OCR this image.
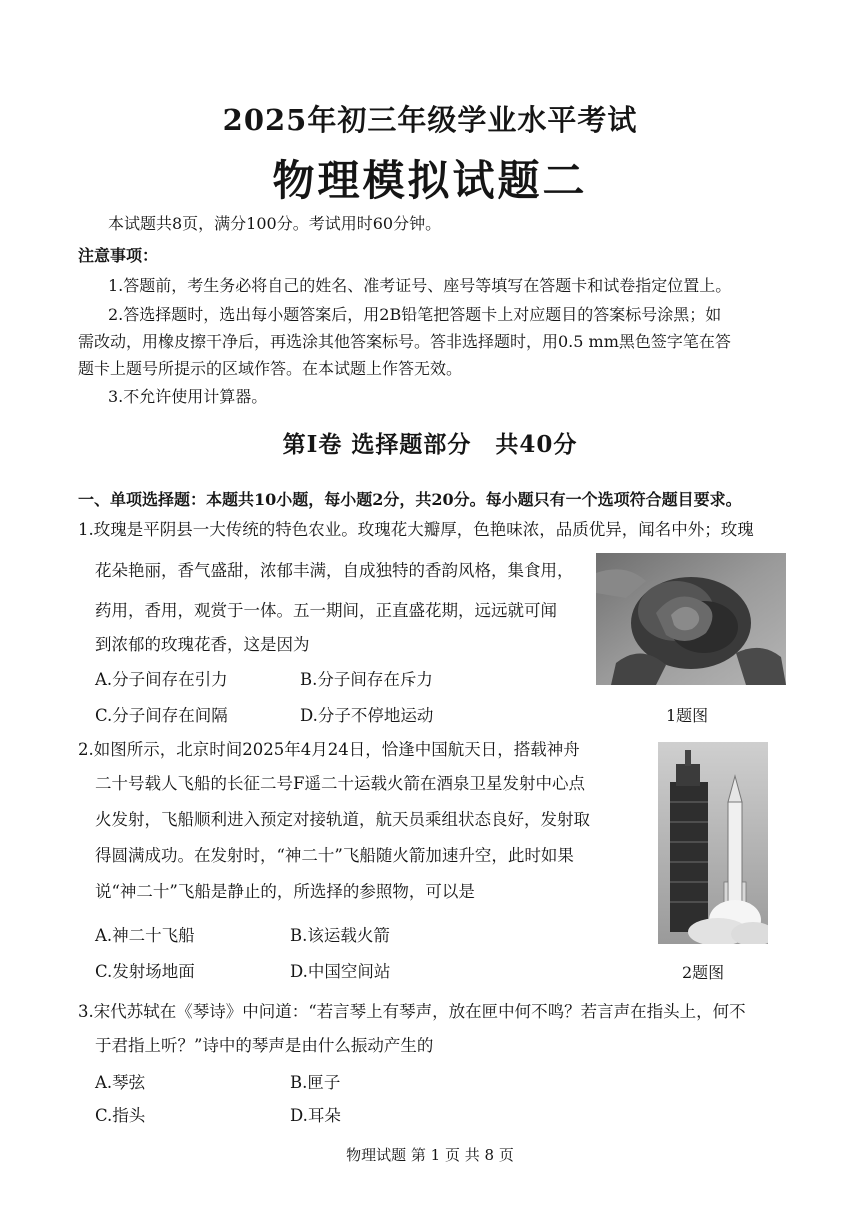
2025年初三年级学业水平考试
物理模拟试题二

本试题共8页，满分100分。考试用时60分钟。

注意事项：

1.答题前，考生务必将自己的姓名、准考证号、座号等填写在答题卡和试卷指定位置上。

2.答选择题时，选出每小题答案后，用2B铅笔把答题卡上对应题目的答案标号涂黑；如

需改动，用橡皮擦干净后，再选涂其他答案标号。答非选择题时，用0.5 mm黑色签字笔在答

题卡上题号所提示的区域作答。在本试题上作答无效。

3.不允许使用计算器。

第Ⅰ卷 选择题部分　共40分

一、单项选择题：本题共10小题，每小题2分，共20分。每小题只有一个选项符合题目要求。

1.玫瑰是平阴县一大传统的特色农业。玫瑰花大瓣厚，色艳味浓，品质优异，闻名中外；玫瑰

花朵艳丽，香气盛甜，浓郁丰满，自成独特的香韵风格，集食用，

药用，香用，观赏于一体。五一期间，正直盛花期，远远就可闻

到浓郁的玫瑰花香，这是因为

A.分子间存在引力	B.分子间存在斥力

C.分子间存在间隔	D.分子不停地运动	1题图

2.如图所示，北京时间2025年4月24日，恰逢中国航天日，搭载神舟

二十号载人飞船的长征二号F遥二十运载火箭在酒泉卫星发射中心点

火发射，飞船顺利进入预定对接轨道，航天员乘组状态良好，发射取

得圆满成功。在发射时，“神二十”飞船随火箭加速升空，此时如果

说“神二十”飞船是静止的，所选择的参照物，可以是

A.神二十飞船	B.该运载火箭

C.发射场地面	D.中国空间站	2题图

3.宋代苏轼在《琴诗》中问道：“若言琴上有琴声，放在匣中何不鸣？若言声在指头上，何不

于君指上听？”诗中的琴声是由什么振动产生的

A.琴弦	B.匣子

C.指头	D.耳朵

物理试题 第 1 页 共 8 页
